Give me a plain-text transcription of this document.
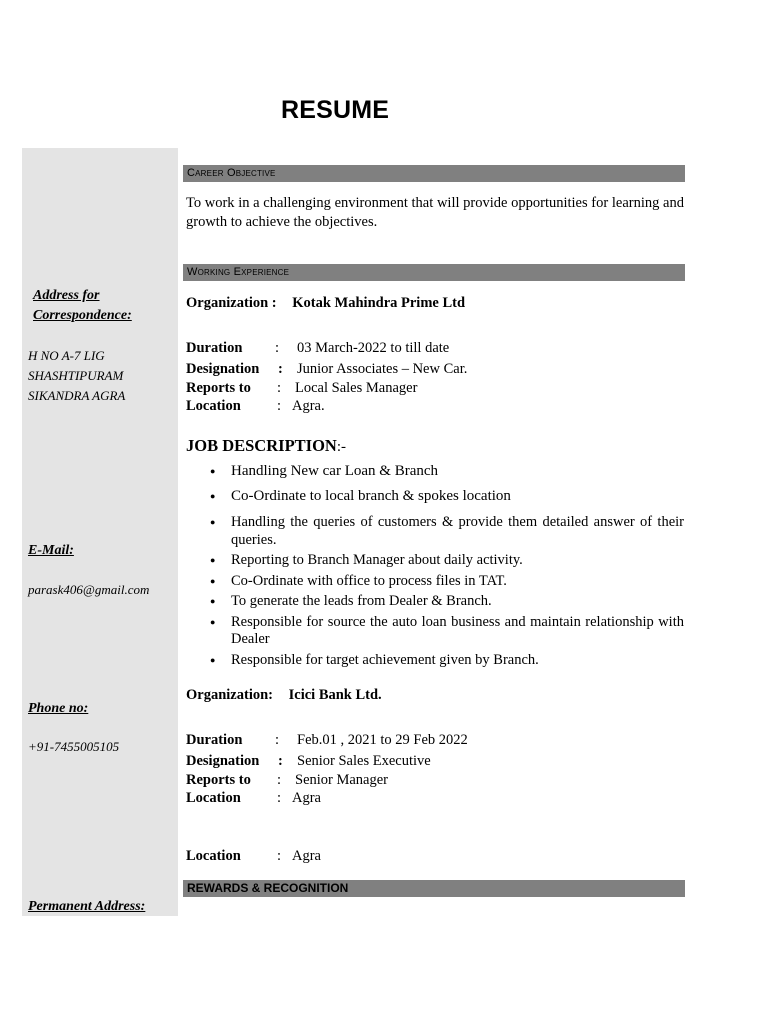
RESUME
Address for Correspondence:
H NO A-7 LIG
SHASHTIPURAM
SIKANDRA AGRA
E-Mail:
parask406@gmail.com
Phone no:
+91-7455005105
Permanent Address:
Career Objective
To work in a challenging environment that will provide opportunities for learning and growth to achieve the objectives.
Working Experience
Organization : Kotak Mahindra Prime Ltd
Duration : 03 March-2022 to till date
Designation : Junior Associates – New Car.
Reports to : Local Sales Manager
Location : Agra.
JOB DESCRIPTION:-
● Handling New car Loan & Branch
● Co-Ordinate to local branch & spokes location
● Handling the queries of customers & provide them detailed answer of their queries.
● Reporting to Branch Manager about daily activity.
● Co-Ordinate with office to process files in TAT.
● To generate the leads from Dealer & Branch.
● Responsible for source the auto loan business and maintain relationship with Dealer
● Responsible for target achievement given by Branch.
Organization: Icici Bank Ltd.
Duration : Feb.01 , 2021 to 29 Feb 2022
Designation : Senior Sales Executive
Reports to : Senior Manager
Location : Agra
Location : Agra
REWARDS & RECOGNITION
